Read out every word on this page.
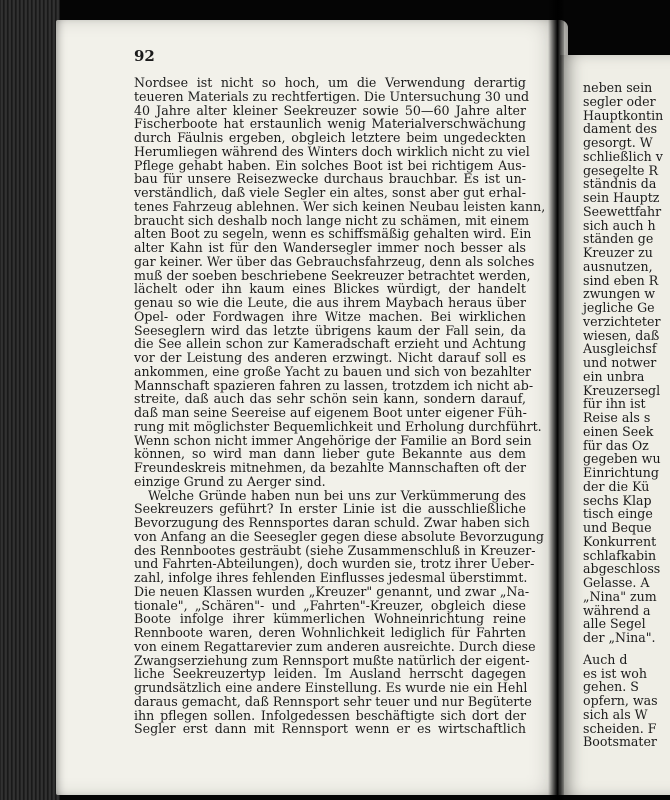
92
Nordsee ist nicht so hoch, um die Verwendung derartig
teueren Materials zu rechtfertigen. Die Untersuchung 30 und
40 Jahre alter kleiner Seekreuzer sowie 50—60 Jahre alter
Fischerboote hat erstaunlich wenig Materialverschwächung
durch Fäulnis ergeben, obgleich letztere beim ungedeckten
Herumliegen während des Winters doch wirklich nicht zu viel
Pflege gehabt haben. Ein solches Boot ist bei richtigem Aus-
bau für unsere Reisezwecke durchaus brauchbar. Es ist un-
verständlich, daß viele Segler ein altes, sonst aber gut erhal-
tenes Fahrzeug ablehnen. Wer sich keinen Neubau leisten kann,
braucht sich deshalb noch lange nicht zu schämen, mit einem
alten Boot zu segeln, wenn es schiffsmäßig gehalten wird. Ein
alter Kahn ist für den Wandersegler immer noch besser als
gar keiner. Wer über das Gebrauchsfahrzeug, denn als solches
muß der soeben beschriebene Seekreuzer betrachtet werden,
lächelt oder ihn kaum eines Blickes würdigt, der handelt
genau so wie die Leute, die aus ihrem Maybach heraus über
Opel- oder Fordwagen ihre Witze machen. Bei wirklichen
Seeseglern wird das letzte übrigens kaum der Fall sein, da
die See allein schon zur Kameradschaft erzieht und Achtung
vor der Leistung des anderen erzwingt. Nicht darauf soll es
ankommen, eine große Yacht zu bauen und sich von bezahlter
Mannschaft spazieren fahren zu lassen, trotzdem ich nicht ab-
streite, daß auch das sehr schön sein kann, sondern darauf,
daß man seine Seereise auf eigenem Boot unter eigener Füh-
rung mit möglichster Bequemlichkeit und Erholung durchführt.
Wenn schon nicht immer Angehörige der Familie an Bord sein
können, so wird man dann lieber gute Bekannte aus dem
Freundeskreis mitnehmen, da bezahlte Mannschaften oft der
einzige Grund zu Aerger sind.
Welche Gründe haben nun bei uns zur Verkümmerung des
Seekreuzers geführt? In erster Linie ist die ausschließliche
Bevorzugung des Rennsportes daran schuld. Zwar haben sich
von Anfang an die Seesegler gegen diese absolute Bevorzugung
des Rennbootes gesträubt (siehe Zusammenschluß in Kreuzer-
und Fahrten-Abteilungen), doch wurden sie, trotz ihrer Ueber-
zahl, infolge ihres fehlenden Einflusses jedesmal überstimmt.
Die neuen Klassen wurden „Kreuzer" genannt, und zwar „Na-
tionale", „Schären"- und „Fahrten"-Kreuzer, obgleich diese
Boote infolge ihrer kümmerlichen Wohneinrichtung reine
Rennboote waren, deren Wohnlichkeit lediglich für Fahrten
von einem Regattarevier zum anderen ausreichte. Durch diese
Zwangserziehung zum Rennsport mußte natürlich der eigent-
liche Seekreuzertyp leiden. Im Ausland herrscht dagegen
grundsätzlich eine andere Einstellung. Es wurde nie ein Hehl
daraus gemacht, daß Rennsport sehr teuer und nur Begüterte
ihn pflegen sollen. Infolgedessen beschäftigte sich dort der
Segler erst dann mit Rennsport wenn er es wirtschaftlich
neben sein
segler oder
Hauptkontin
dament des
gesorgt. W
schließlich v
gesegelte R
ständnis da
sein Hauptz
Seewettfahr
sich auch h
ständen ge
Kreuzer zu
ausnutzen,
sind eben R
zwungen w
jegliche Ge
verzichteter
wiesen, daß
Ausgleichsf
und notwer
ein unbra
Kreuzersegl
für ihn ist
Reise als s
einen Seek
für das Oz
gegeben wu
Einrichtung
der die Kü
sechs Klap
tisch einge
und Beque
Konkurrent
schlafkabin
abgeschloss
Gelasse. A
„Nina" zum
während a
alle Segel
der „Nina".
Auch d
es ist woh
gehen. S
opfern, was
sich als W
scheiden. F
Bootsmater
